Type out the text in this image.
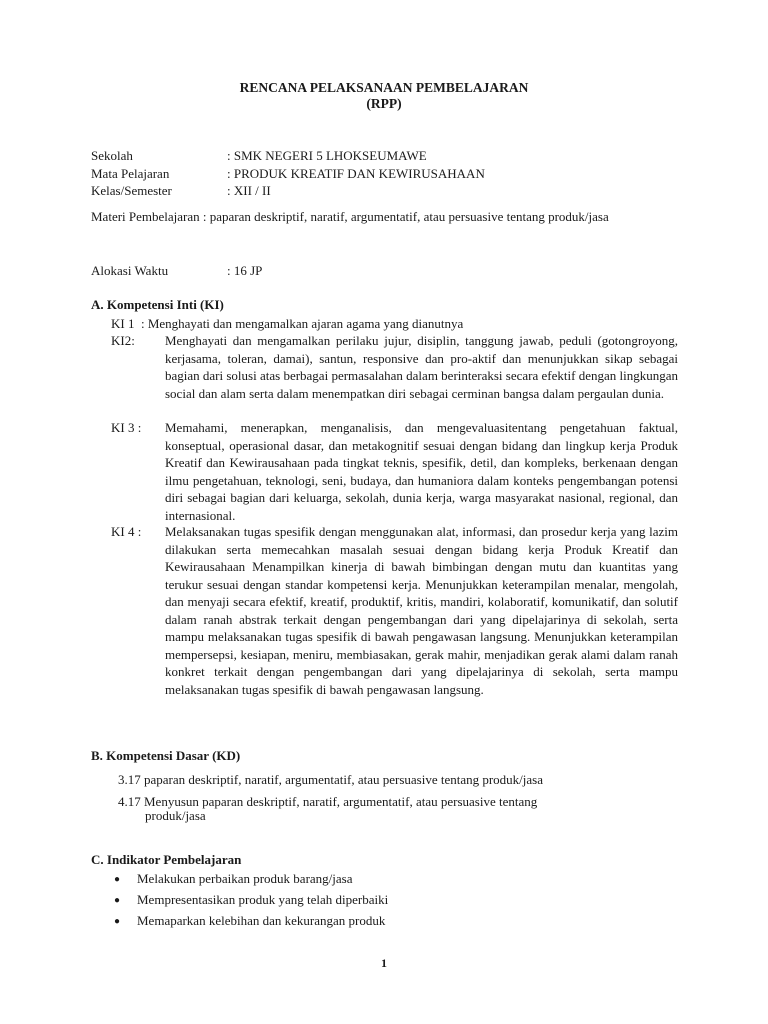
RENCANA PELAKSANAAN PEMBELAJARAN
(RPP)
Sekolah	: SMK NEGERI 5 LHOKSEUMAWE
Mata Pelajaran	: PRODUK KREATIF DAN KEWIRUSAHAAN
Kelas/Semester	: XII / II
Materi Pembelajaran : paparan deskriptif, naratif, argumentatif, atau persuasive tentang produk/jasa
Alokasi Waktu	: 16 JP
A. Kompetensi Inti (KI)
KI 1 : Menghayati dan mengamalkan ajaran agama yang dianutnya
KI2: Menghayati dan mengamalkan perilaku jujur, disiplin, tanggung jawab, peduli (gotongroyong, kerjasama, toleran, damai), santun, responsive dan pro-aktif dan menunjukkan sikap sebagai bagian dari solusi atas berbagai permasalahan dalam berinteraksi secara efektif dengan lingkungan social dan alam serta dalam menempatkan diri sebagai cerminan bangsa dalam pergaulan dunia.
KI 3 : Memahami, menerapkan, menganalisis, dan mengevaluasitentang pengetahuan faktual, konseptual, operasional dasar, dan metakognitif sesuai dengan bidang dan lingkup kerja Produk Kreatif dan Kewirausahaan pada tingkat teknis, spesifik, detil, dan kompleks, berkenaan dengan ilmu pengetahuan, teknologi, seni, budaya, dan humaniora dalam konteks pengembangan potensi diri sebagai bagian dari keluarga, sekolah, dunia kerja, warga masyarakat nasional, regional, dan internasional.
KI 4 : Melaksanakan tugas spesifik dengan menggunakan alat, informasi, dan prosedur kerja yang lazim dilakukan serta memecahkan masalah sesuai dengan bidang kerja Produk Kreatif dan Kewirausahaan Menampilkan kinerja di bawah bimbingan dengan mutu dan kuantitas yang terukur sesuai dengan standar kompetensi kerja. Menunjukkan keterampilan menalar, mengolah, dan menyaji secara efektif, kreatif, produktif, kritis, mandiri, kolaboratif, komunikatif, dan solutif dalam ranah abstrak terkait dengan pengembangan dari yang dipelajarinya di sekolah, serta mampu melaksanakan tugas spesifik di bawah pengawasan langsung. Menunjukkan keterampilan mempersepsi, kesiapan, meniru, membiasakan, gerak mahir, menjadikan gerak alami dalam ranah konkret terkait dengan pengembangan dari yang dipelajarinya di sekolah, serta mampu melaksanakan tugas spesifik di bawah pengawasan langsung.
B. Kompetensi Dasar (KD)
3.17 paparan deskriptif, naratif, argumentatif, atau persuasive tentang produk/jasa
4.17 Menyusun paparan deskriptif, naratif, argumentatif, atau persuasive tentang
produk/jasa
C. Indikator Pembelajaran
● Melakukan perbaikan produk barang/jasa
● Mempresentasikan produk yang telah diperbaiki
● Memaparkan kelebihan dan kekurangan produk
1
